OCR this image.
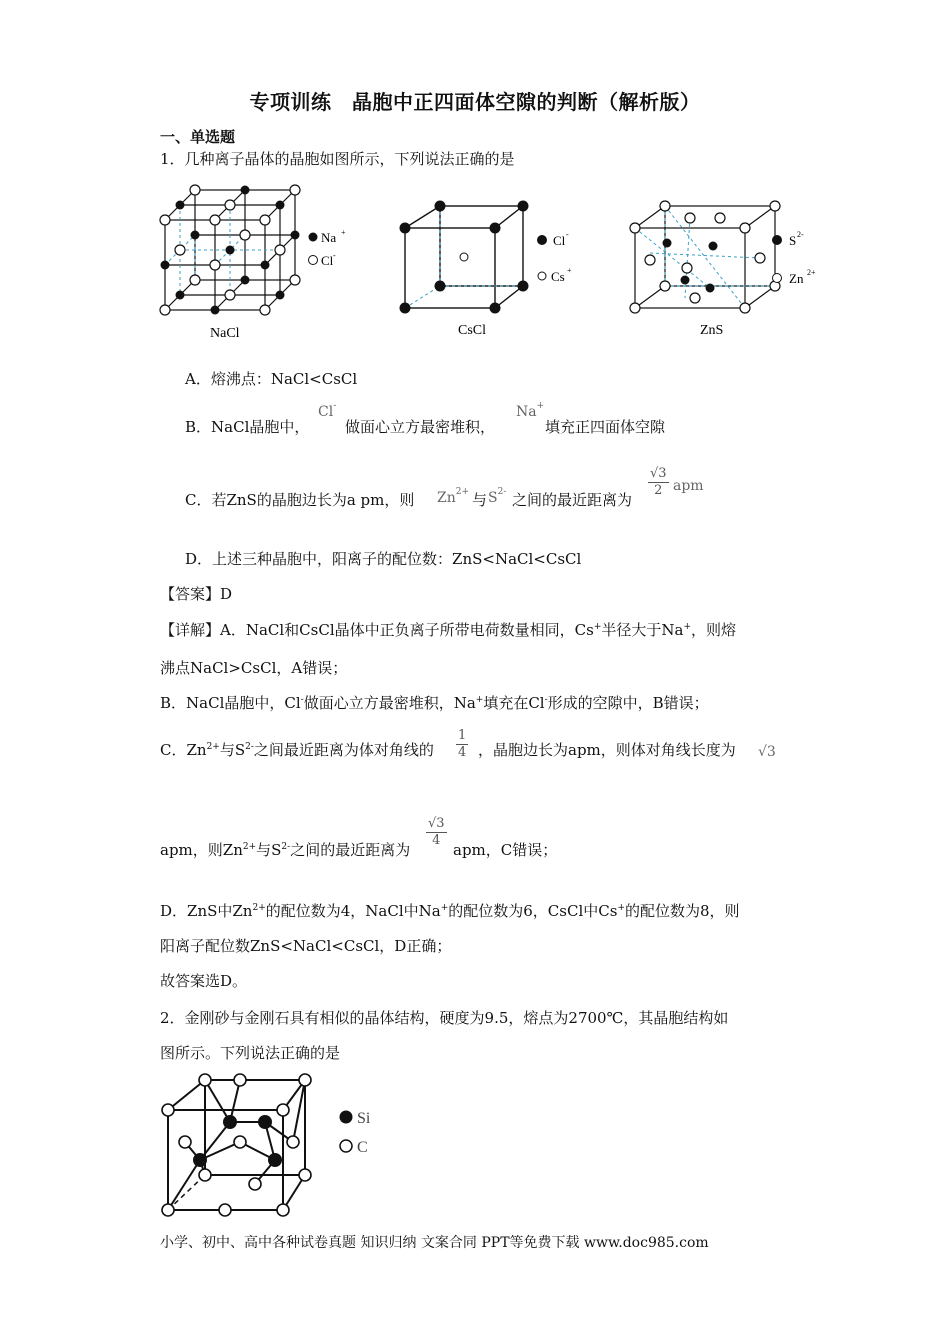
专项训练　晶胞中正四面体空隙的判断（解析版）
一、单选题
1．几种离子晶体的晶胞如图所示，下列说法正确的是
Na +
Cl -
NaCl
Cl -
Cs +
CsCl
S 2-
Zn 2+
ZnS
A．熔沸点：NaCl<CsCl
B．NaCl晶胞中，
Cl-
做面心立方最密堆积，
Na+
填充正四面体空隙
C．若ZnS的晶胞边长为a pm，则 $Zn^{2+}$ 与 $S^{2-}$ 之间的最近距离为
$\frac{√3}{2}$ apm
D．上述三种晶胞中，阳离子的配位数：ZnS<NaCl<CsCl
【答案】D
【详解】A．NaCl和CsCl晶体中正负离子所带电荷数量相同，Cs+半径大于Na+，则熔
沸点NaCl>CsCl，A错误；
B．NaCl晶胞中，Cl-做面心立方最密堆积，Na+填充在Cl-形成的空隙中，B错误；
C．$Zn^{2+}$与$S^{2-}$之间最近距离为体对角线的 $\frac{1}{4}$ ，晶胞边长为apm，则体对角线长度为 √3
apm，则$Zn^{2+}$与$S^{2-}$之间的最近距离为
$\frac{√3}{4}$
apm，C错误；
D．ZnS中$Zn^{2+}$的配位数为4，NaCl中Na+的配位数为6，CsCl中Cs+的配位数为8，则
阳离子配位数ZnS<NaCl<CsCl，D正确；
故答案选D。
2．金刚砂与金刚石具有相似的晶体结构，硬度为9.5，熔点为2700℃，其晶胞结构如
图所示。下列说法正确的是
Si
C
小学、初中、高中各种试卷真题 知识归纳 文案合同 PPT等免费下载 www.doc985.com
